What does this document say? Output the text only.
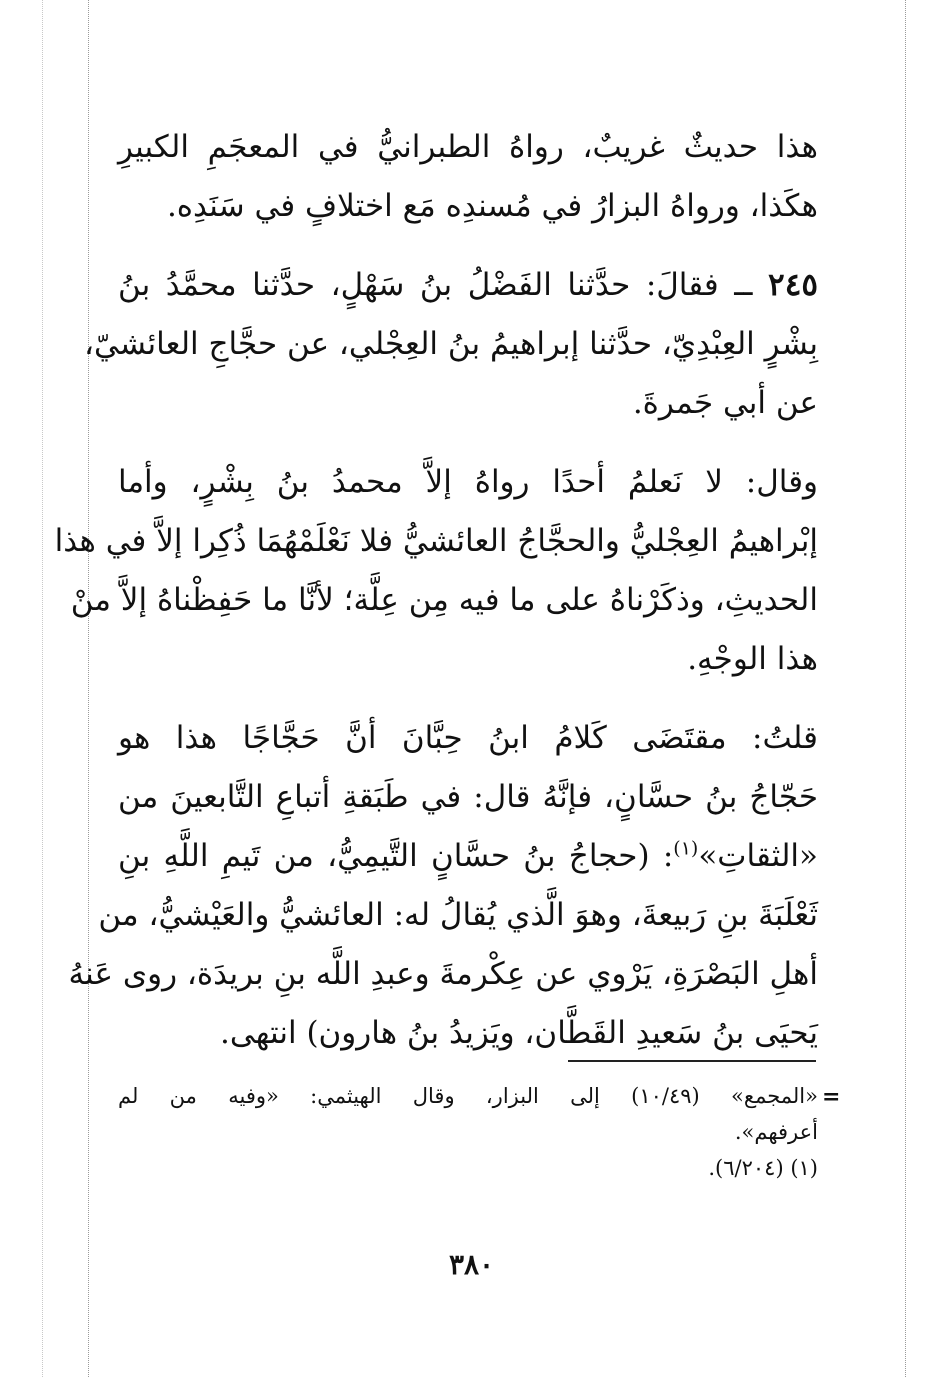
هذا حديثٌ غريبٌ، رواهُ الطبرانيُّ في المعجَمِ الكبيرِ
هكَذا، ورواهُ البزارُ في مُسندِه مَع اختلافٍ في سَنَدِه.

٢٤٥ ــ فقالَ: حدَّثنا الفَضْلُ بنُ سَهْلٍ، حدَّثنا محمَّدُ بنُ
بِشْرٍ العِبْدِيّ، حدَّثنا إبراهيمُ بنُ العِجْلي، عن حجَّاجِ العائشيّ،
عن أبي جَمرةَ.

وقال: لا نَعلمُ أحدًا رواهُ إلاَّ محمدُ بنُ بِشْرٍ، وأما
إبْراهيمُ العِجْليُّ والحجَّاجُ العائشيُّ فلا نَعْلَمْهُمَا ذُكِرا إلاَّ في هذا
الحديثِ، وذكَرْناهُ على ما فيه مِن عِلَّة؛ لأنَّا ما حَفِظْناهُ إلاَّ منْ
هذا الوجْهِ.

قلتُ: مقتَضَى كَلامُ ابنُ حِبَّانَ أنَّ حَجَّاجًا هذا هو
حَجّاجُ بنُ حسَّانٍ، فإنَّهُ قال: في طَبَقةِ أتباعِ التَّابعينَ من
«الثقاتِ»$^{(١)}$: (حجاجُ بنُ حسَّانٍ التَّيمِيُّ، من تَيمِ اللَّهِ بنِ
ثَعْلَبَةَ بنِ رَبيعةَ، وهوَ الَّذي يُقالُ له: العائشيُّ والعَيْشيُّ، من
أهلِ البَصْرَةِ، يَرْوي عن عِكْرمةَ وعبدِ اللَّه بنِ بريدَة، روى عَنهُ
يَحيَى بنُ سَعيدِ القَطَّان، ويَزيدُ بنُ هارون) انتهى.

=
«المجمع» (١٠/٤٩) إلى البزار، وقال الهيثمي: «وفيه من لم
أعرفهم».
(١) (٦/٢٠٤).
٣٨٠
